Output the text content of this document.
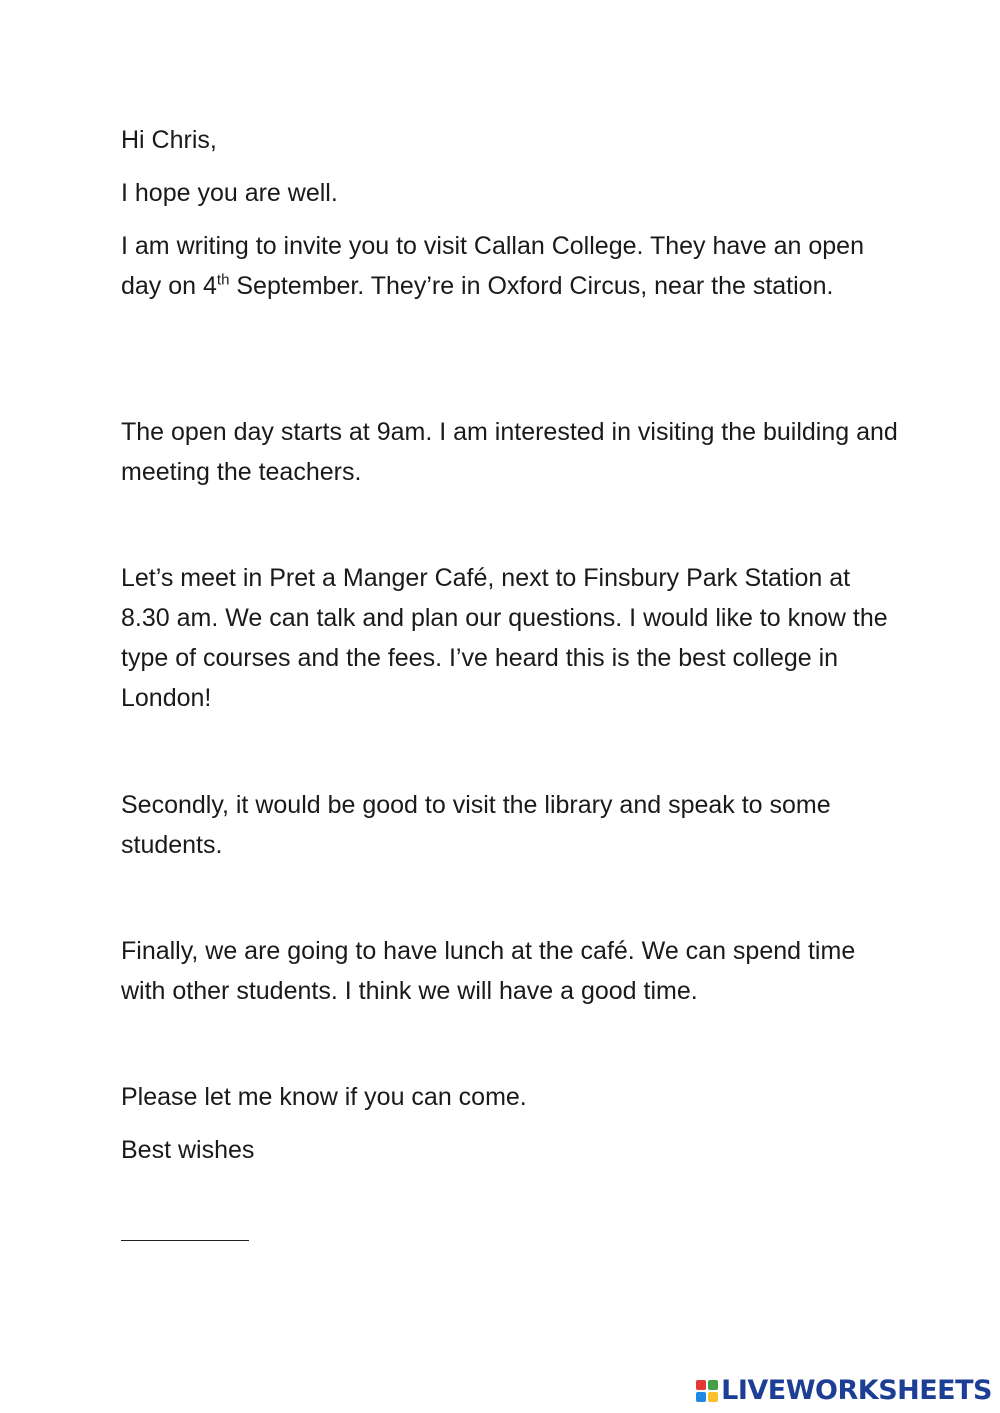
Hi Chris,

I hope you are well.

I am writing to invite you to visit Callan College. They have an open day on 4th September. They’re in Oxford Circus, near the station.

The open day starts at 9am. I am interested in visiting the building and meeting the teachers.

Let’s meet in Pret a Manger Café, next to Finsbury Park Station at 8.30 am. We can talk and plan our questions. I would like to know the type of courses and the fees. I’ve heard this is the best college in London!

Secondly, it would be good to visit the library and speak to some students.

Finally, we are going to have lunch at the café. We can spend time with other students. I think we will have a good time.

Please let me know if you can come.

Best wishes

LIVEWORKSHEETS
